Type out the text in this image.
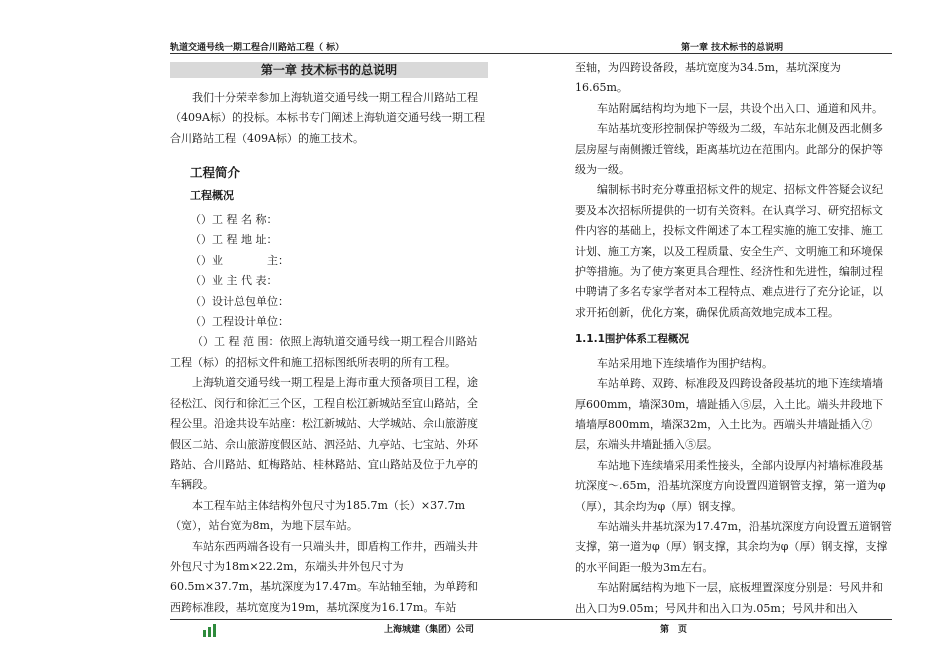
轨道交通号线一期工程合川路站工程（ 标）	第一章 技术标书的总说明
第一章 技术标书的总说明

我们十分荣幸参加上海轨道交通号线一期工程合川路站工程（409A标）的投标。本标书专门阐述上海轨道交通号线一期工程合川路站工程（409A标）的施工技术。

工程简介
工程概况

（）工 程 名 称：

（）工 程 地 址：

（）业　　　　主：

（）业 主 代 表：

（）设计总包单位：

（）工程设计单位：

（）工 程 范 围：依照上海轨道交通号线一期工程合川路站工程（标）的招标文件和施工招标图纸所表明的所有工程。

上海轨道交通号线一期工程是上海市重大预备项目工程，途径松江、闵行和徐汇三个区，工程自松江新城站至宜山路站，全程公里。沿途共设车站座：松江新城站、大学城站、佘山旅游度假区二站、佘山旅游度假区站、泗泾站、九亭站、七宝站、外环路站、合川路站、虹梅路站、桂林路站、宜山路站及位于九亭的车辆段。

本工程车站主体结构外包尺寸为185.7m（长）×37.7m（宽），站台宽为8m，为地下层车站。

车站东西两端各设有一只端头井，即盾构工作井，西端头井外包尺寸为18m×22.2m，东端头井外包尺寸为60.5m×37.7m，基坑深度为17.47m。车站轴至轴，为单跨和西跨标准段，基坑宽度为19m，基坑深度为16.17m。车站

至轴，为四跨设备段，基坑宽度为34.5m，基坑深度为16.65m。

车站附属结构均为地下一层，共设个出入口、通道和风井。

车站基坑变形控制保护等级为二级，车站东北侧及西北侧多层房屋与南侧搬迁管线，距离基坑边在范围内。此部分的保护等级为一级。

编制标书时充分尊重招标文件的规定、招标文件答疑会议纪要及本次招标所提供的一切有关资料。在认真学习、研究招标文件内容的基础上，投标文件阐述了本工程实施的施工安排、施工计划、施工方案，以及工程质量、安全生产、文明施工和环境保护等措施。为了使方案更具合理性、经济性和先进性，编制过程中聘请了多名专家学者对本工程特点、难点进行了充分论证，以求开拓创新，优化方案，确保优质高效地完成本工程。

1.1.1围护体系工程概况

车站采用地下连续墙作为围护结构。

车站单跨、双跨、标准段及四跨设备段基坑的地下连续墙墙厚600mm，墙深30m，墙趾插入⑤层，入土比。端头井段地下墙墙厚800mm，墙深32m，入土比为。西端头井墙趾插入⑦层，东端头井墙趾插入⑤层。

车站地下连续墙采用柔性接头，全部内设厚内衬墙标准段基坑深度～.65m，沿基坑深度方向设置四道钢管支撑，第一道为φ（厚），其余均为φ（厚）钢支撑。

车站端头井基坑深为17.47m，沿基坑深度方向设置五道钢管支撑，第一道为φ（厚）钢支撑，其余均为φ（厚）钢支撑，支撑的水平间距一般为3m左右。

车站附属结构为地下一层，底板埋置深度分别是：号风井和出入口为9.05m；号风井和出入口为.05m；号风井和出入

上海城建（集团）公司	第　页
